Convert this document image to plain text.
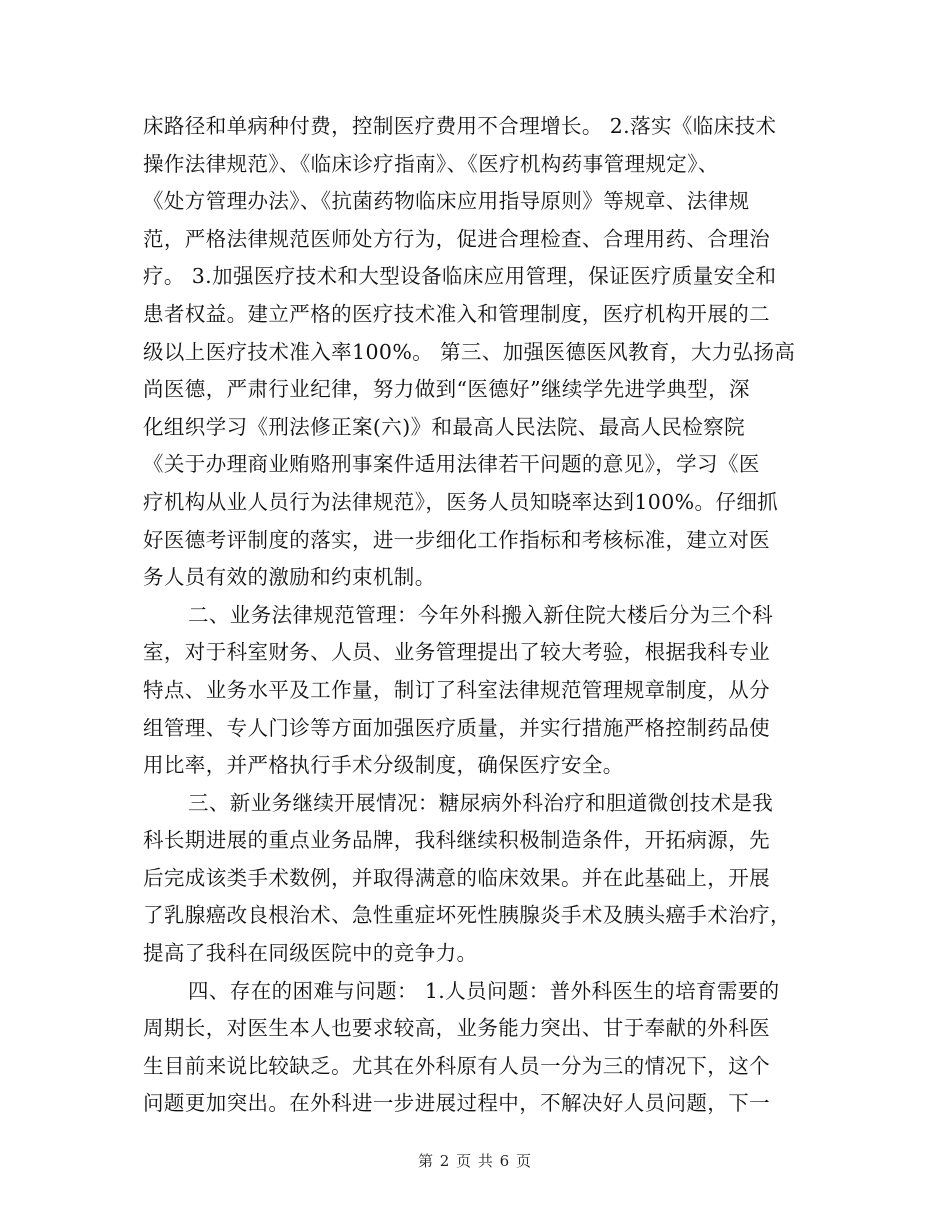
床路径和单病种付费，控制医疗费用不合理增长。 2.落实《临床技术
操作法律规范》、《临床诊疗指南》、《医疗机构药事管理规定》、
《处方管理办法》、《抗菌药物临床应用指导原则》等规章、法律规
范，严格法律规范医师处方行为，促进合理检查、合理用药、合理治
疗。 3.加强医疗技术和大型设备临床应用管理，保证医疗质量安全和
患者权益。建立严格的医疗技术准入和管理制度，医疗机构开展的二
级以上医疗技术准入率100%。 第三、加强医德医风教育，大力弘扬高
尚医德，严肃行业纪律，努力做到“医德好”继续学先进学典型，深
化组织学习《刑法修正案(六)》和最高人民法院、最高人民检察院
《关于办理商业贿赂刑事案件适用法律若干问题的意见》，学习《医
疗机构从业人员行为法律规范》，医务人员知晓率达到100%。仔细抓
好医德考评制度的落实，进一步细化工作指标和考核标准，建立对医
务人员有效的激励和约束机制。
二、业务法律规范管理：今年外科搬入新住院大楼后分为三个科
室，对于科室财务、人员、业务管理提出了较大考验，根据我科专业
特点、业务水平及工作量，制订了科室法律规范管理规章制度，从分
组管理、专人门诊等方面加强医疗质量，并实行措施严格控制药品使
用比率，并严格执行手术分级制度，确保医疗安全。
三、新业务继续开展情况：糖尿病外科治疗和胆道微创技术是我
科长期进展的重点业务品牌，我科继续积极制造条件，开拓病源，先
后完成该类手术数例，并取得满意的临床效果。并在此基础上，开展
了乳腺癌改良根治术、急性重症坏死性胰腺炎手术及胰头癌手术治疗，
提高了我科在同级医院中的竞争力。
四、存在的困难与问题： 1.人员问题：普外科医生的培育需要的
周期长，对医生本人也要求较高，业务能力突出、甘于奉献的外科医
生目前来说比较缺乏。尤其在外科原有人员一分为三的情况下，这个
问题更加突出。在外科进一步进展过程中，不解决好人员问题，下一
第 2 页 共 6 页
